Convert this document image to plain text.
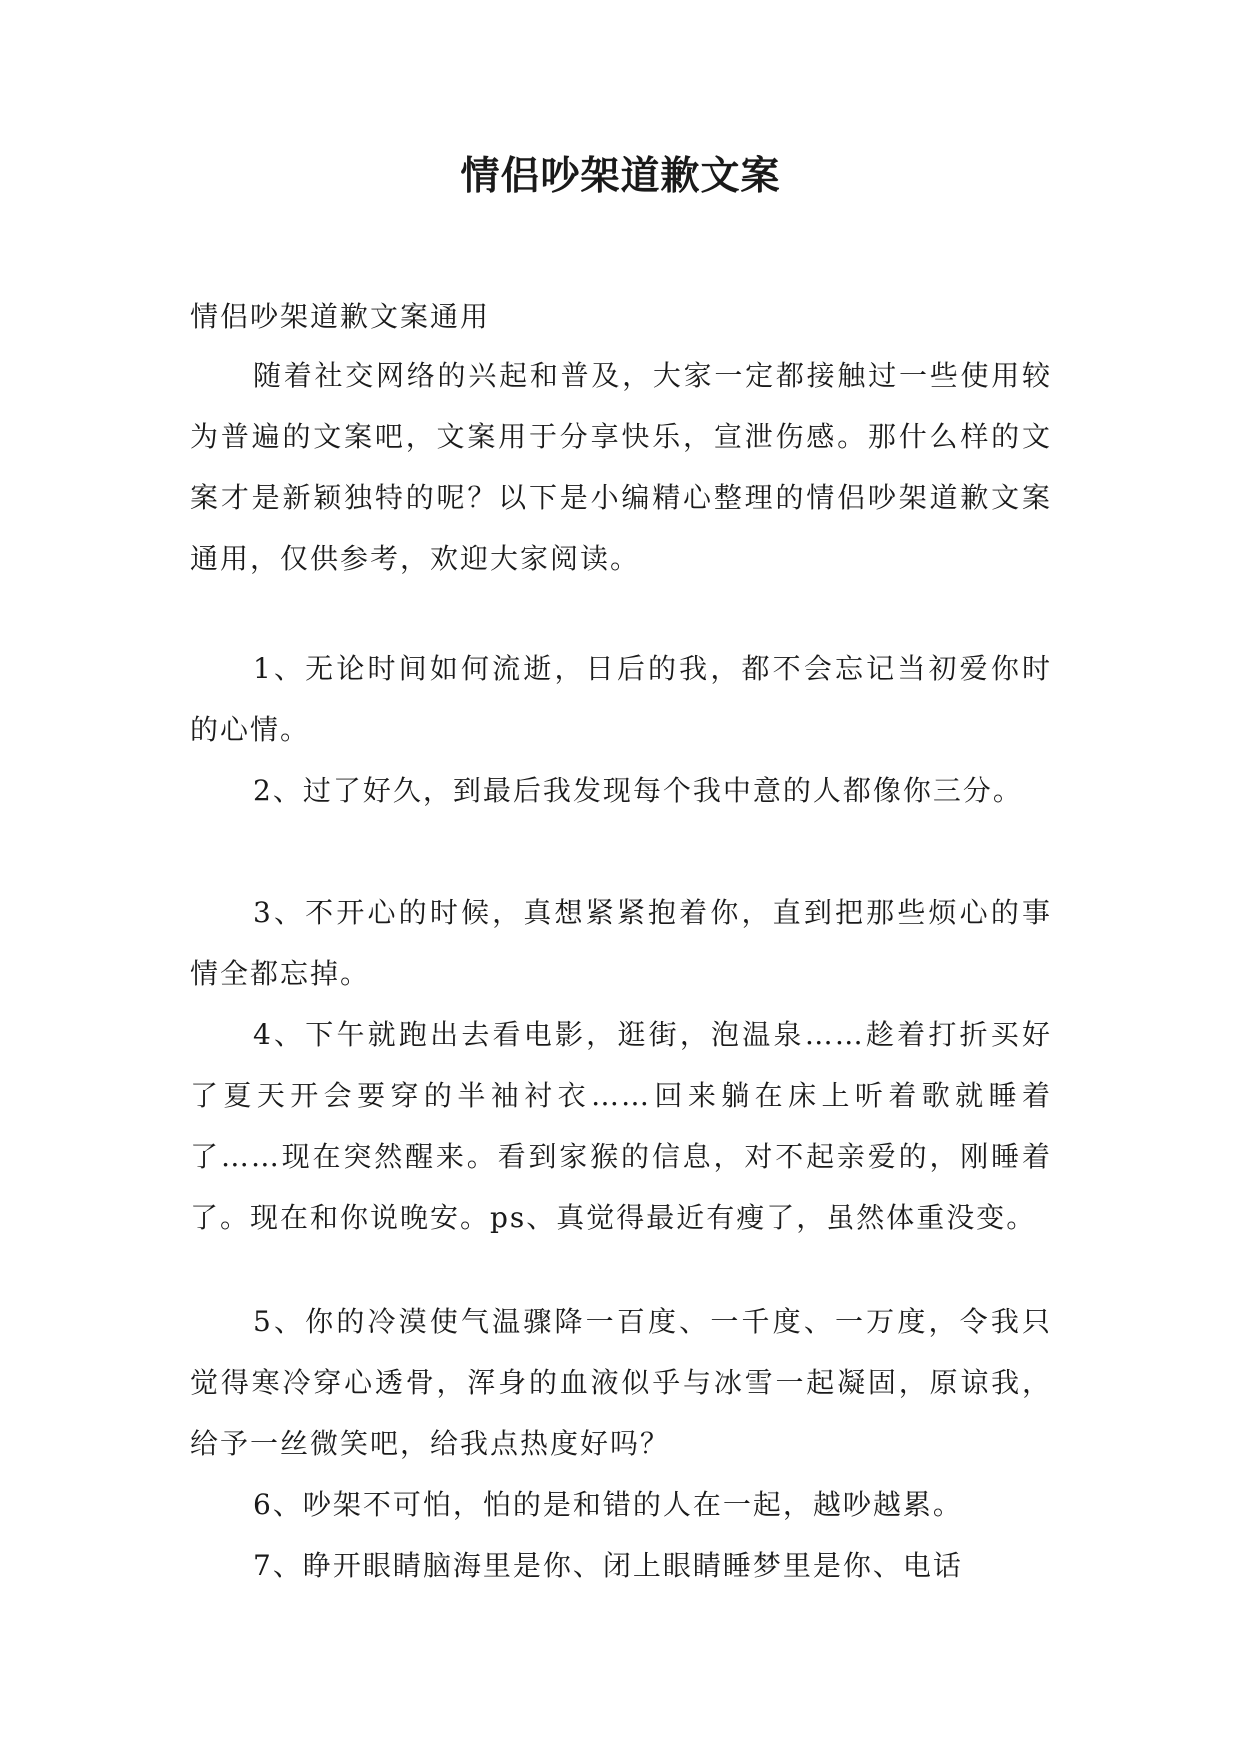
情侣吵架道歉文案

情侣吵架道歉文案通用

随着社交网络的兴起和普及，大家一定都接触过一些使用较为普遍的文案吧，文案用于分享快乐，宣泄伤感。那什么样的文案才是新颖独特的呢？以下是小编精心整理的情侣吵架道歉文案通用，仅供参考，欢迎大家阅读。

1、无论时间如何流逝，日后的我，都不会忘记当初爱你时的心情。

2、过了好久，到最后我发现每个我中意的人都像你三分。

3、不开心的时候，真想紧紧抱着你，直到把那些烦心的事情全都忘掉。

4、下午就跑出去看电影，逛街，泡温泉……趁着打折买好了夏天开会要穿的半袖衬衣……回来躺在床上听着歌就睡着了……现在突然醒来。看到家猴的信息，对不起亲爱的，刚睡着了。现在和你说晚安。ps、真觉得最近有瘦了，虽然体重没变。

5、你的冷漠使气温骤降一百度、一千度、一万度，令我只觉得寒冷穿心透骨，浑身的血液似乎与冰雪一起凝固，原谅我，给予一丝微笑吧，给我点热度好吗？

6、吵架不可怕，怕的是和错的人在一起，越吵越累。

7、睁开眼睛脑海里是你、闭上眼睛睡梦里是你、电话
